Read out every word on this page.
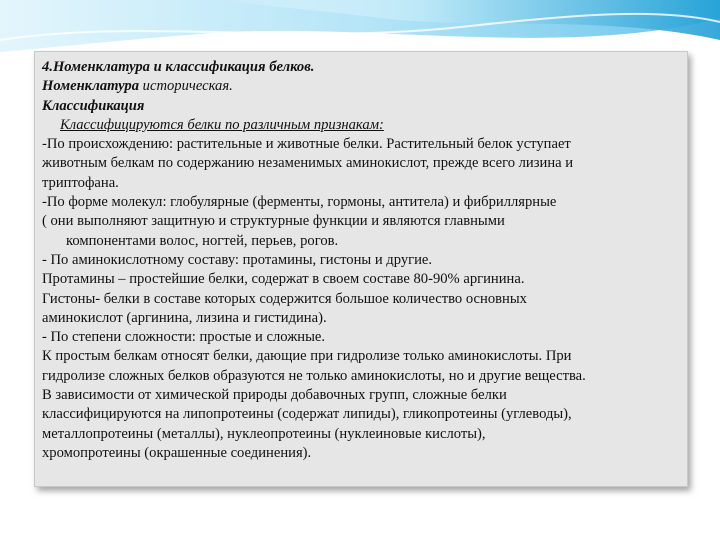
4.Номенклатура и классификация белков.
Номенклатура историческая.
Классификация
Классифицируются белки по различным признакам:
-По происхождению: растительные и животные белки. Растительный белок уступает
животным белкам по содержанию незаменимых аминокислот, прежде всего лизина и
триптофана.
-По форме молекул: глобулярные (ферменты, гормоны, антитела) и фибриллярные
( они выполняют защитную и структурные функции и являются главными
компонентами волос, ногтей, перьев, рогов.
- По аминокислотному составу: протамины, гистоны и другие.
Протамины – простейшие белки, содержат в своем составе 80-90% аргинина.
Гистоны- белки в составе которых содержится большое количество основных
аминокислот (аргинина, лизина и гистидина).
- По степени сложности: простые и сложные.
К простым белкам относят белки, дающие при гидролизе только аминокислоты. При
гидролизе сложных белков образуются не только аминокислоты, но и другие вещества.
В зависимости от химической природы добавочных групп, сложные белки
классифицируются на липопротеины (содержат липиды), гликопротеины (углеводы),
металлопротеины (металлы), нуклеопротеины (нуклеиновые кислоты),
хромопротеины (окрашенные соединения).
